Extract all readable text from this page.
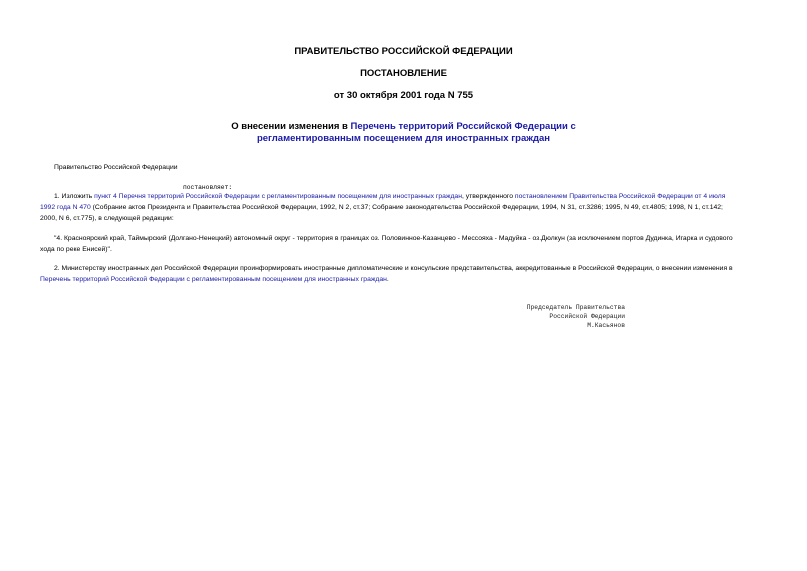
ПРАВИТЕЛЬСТВО РОССИЙСКОЙ ФЕДЕРАЦИИ
ПОСТАНОВЛЕНИЕ
от 30 октября 2001 года N 755
О внесении изменения в Перечень территорий Российской Федерации с
регламентированным посещением для иностранных граждан
Правительство Российской Федерации
постановляет:
1. Изложить пункт 4 Перечня территорий Российской Федерации с регламентированным посещением для иностранных граждан, утвержденного постановлением Правительства Российской Федерации от 4 июля
1992 года N 470 (Собрание актов Президента и Правительства Российской Федерации, 1992, N 2, ст.37; Собрание законодательства Российской Федерации, 1994, N 31, ст.3286; 1995, N 49, ст.4805; 1998, N 1, ст.142;
2000, N 6, ст.775), в следующей редакции:
"4. Красноярский край, Таймырский (Долгано-Ненецкий) автономный округ - территория в границах оз. Половинное-Казанцево - Мессояха - Мадуйка - оз.Дюлкун (за исключением портов Дудинка, Игарка и судового
хода по реке Енисей)".
2. Министерству иностранных дел Российской Федерации проинформировать иностранные дипломатические и консульские представительства, аккредитованные в Российской Федерации, о внесении изменения в
Перечень территорий Российской Федерации с регламентированным посещением для иностранных граждан.
Председатель Правительства
Российской Федерации
М.Касьянов
